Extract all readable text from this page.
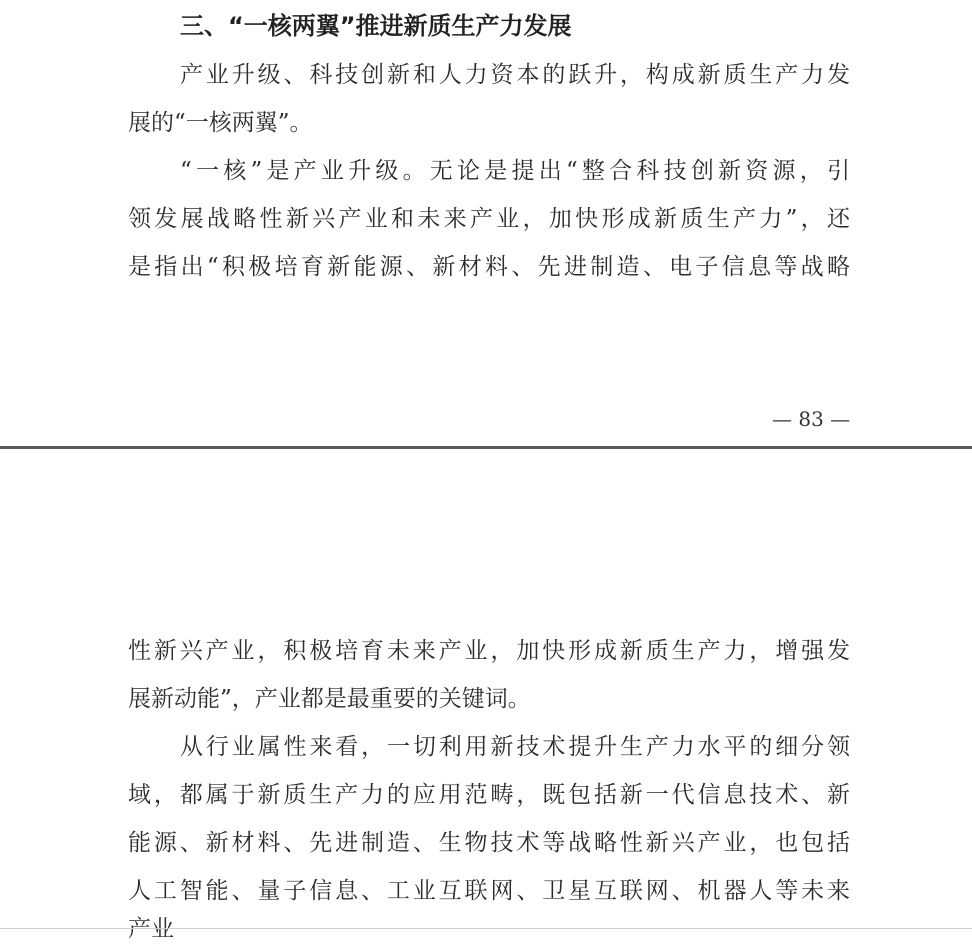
三、“一核两翼”推进新质生产力发展
产业升级、科技创新和人力资本的跃升，构成新质生产力发
展的“一核两翼”。
“一核”是产业升级。无论是提出“整合科技创新资源，引
领发展战略性新兴产业和未来产业，加快形成新质生产力”，还
是指出“积极培育新能源、新材料、先进制造、电子信息等战略
— 83 —
性新兴产业，积极培育未来产业，加快形成新质生产力，增强发
展新动能”，产业都是最重要的关键词。
从行业属性来看，一切利用新技术提升生产力水平的细分领
域，都属于新质生产力的应用范畴，既包括新一代信息技术、新
能源、新材料、先进制造、生物技术等战略性新兴产业，也包括
人工智能、量子信息、工业互联网、卫星互联网、机器人等未来
